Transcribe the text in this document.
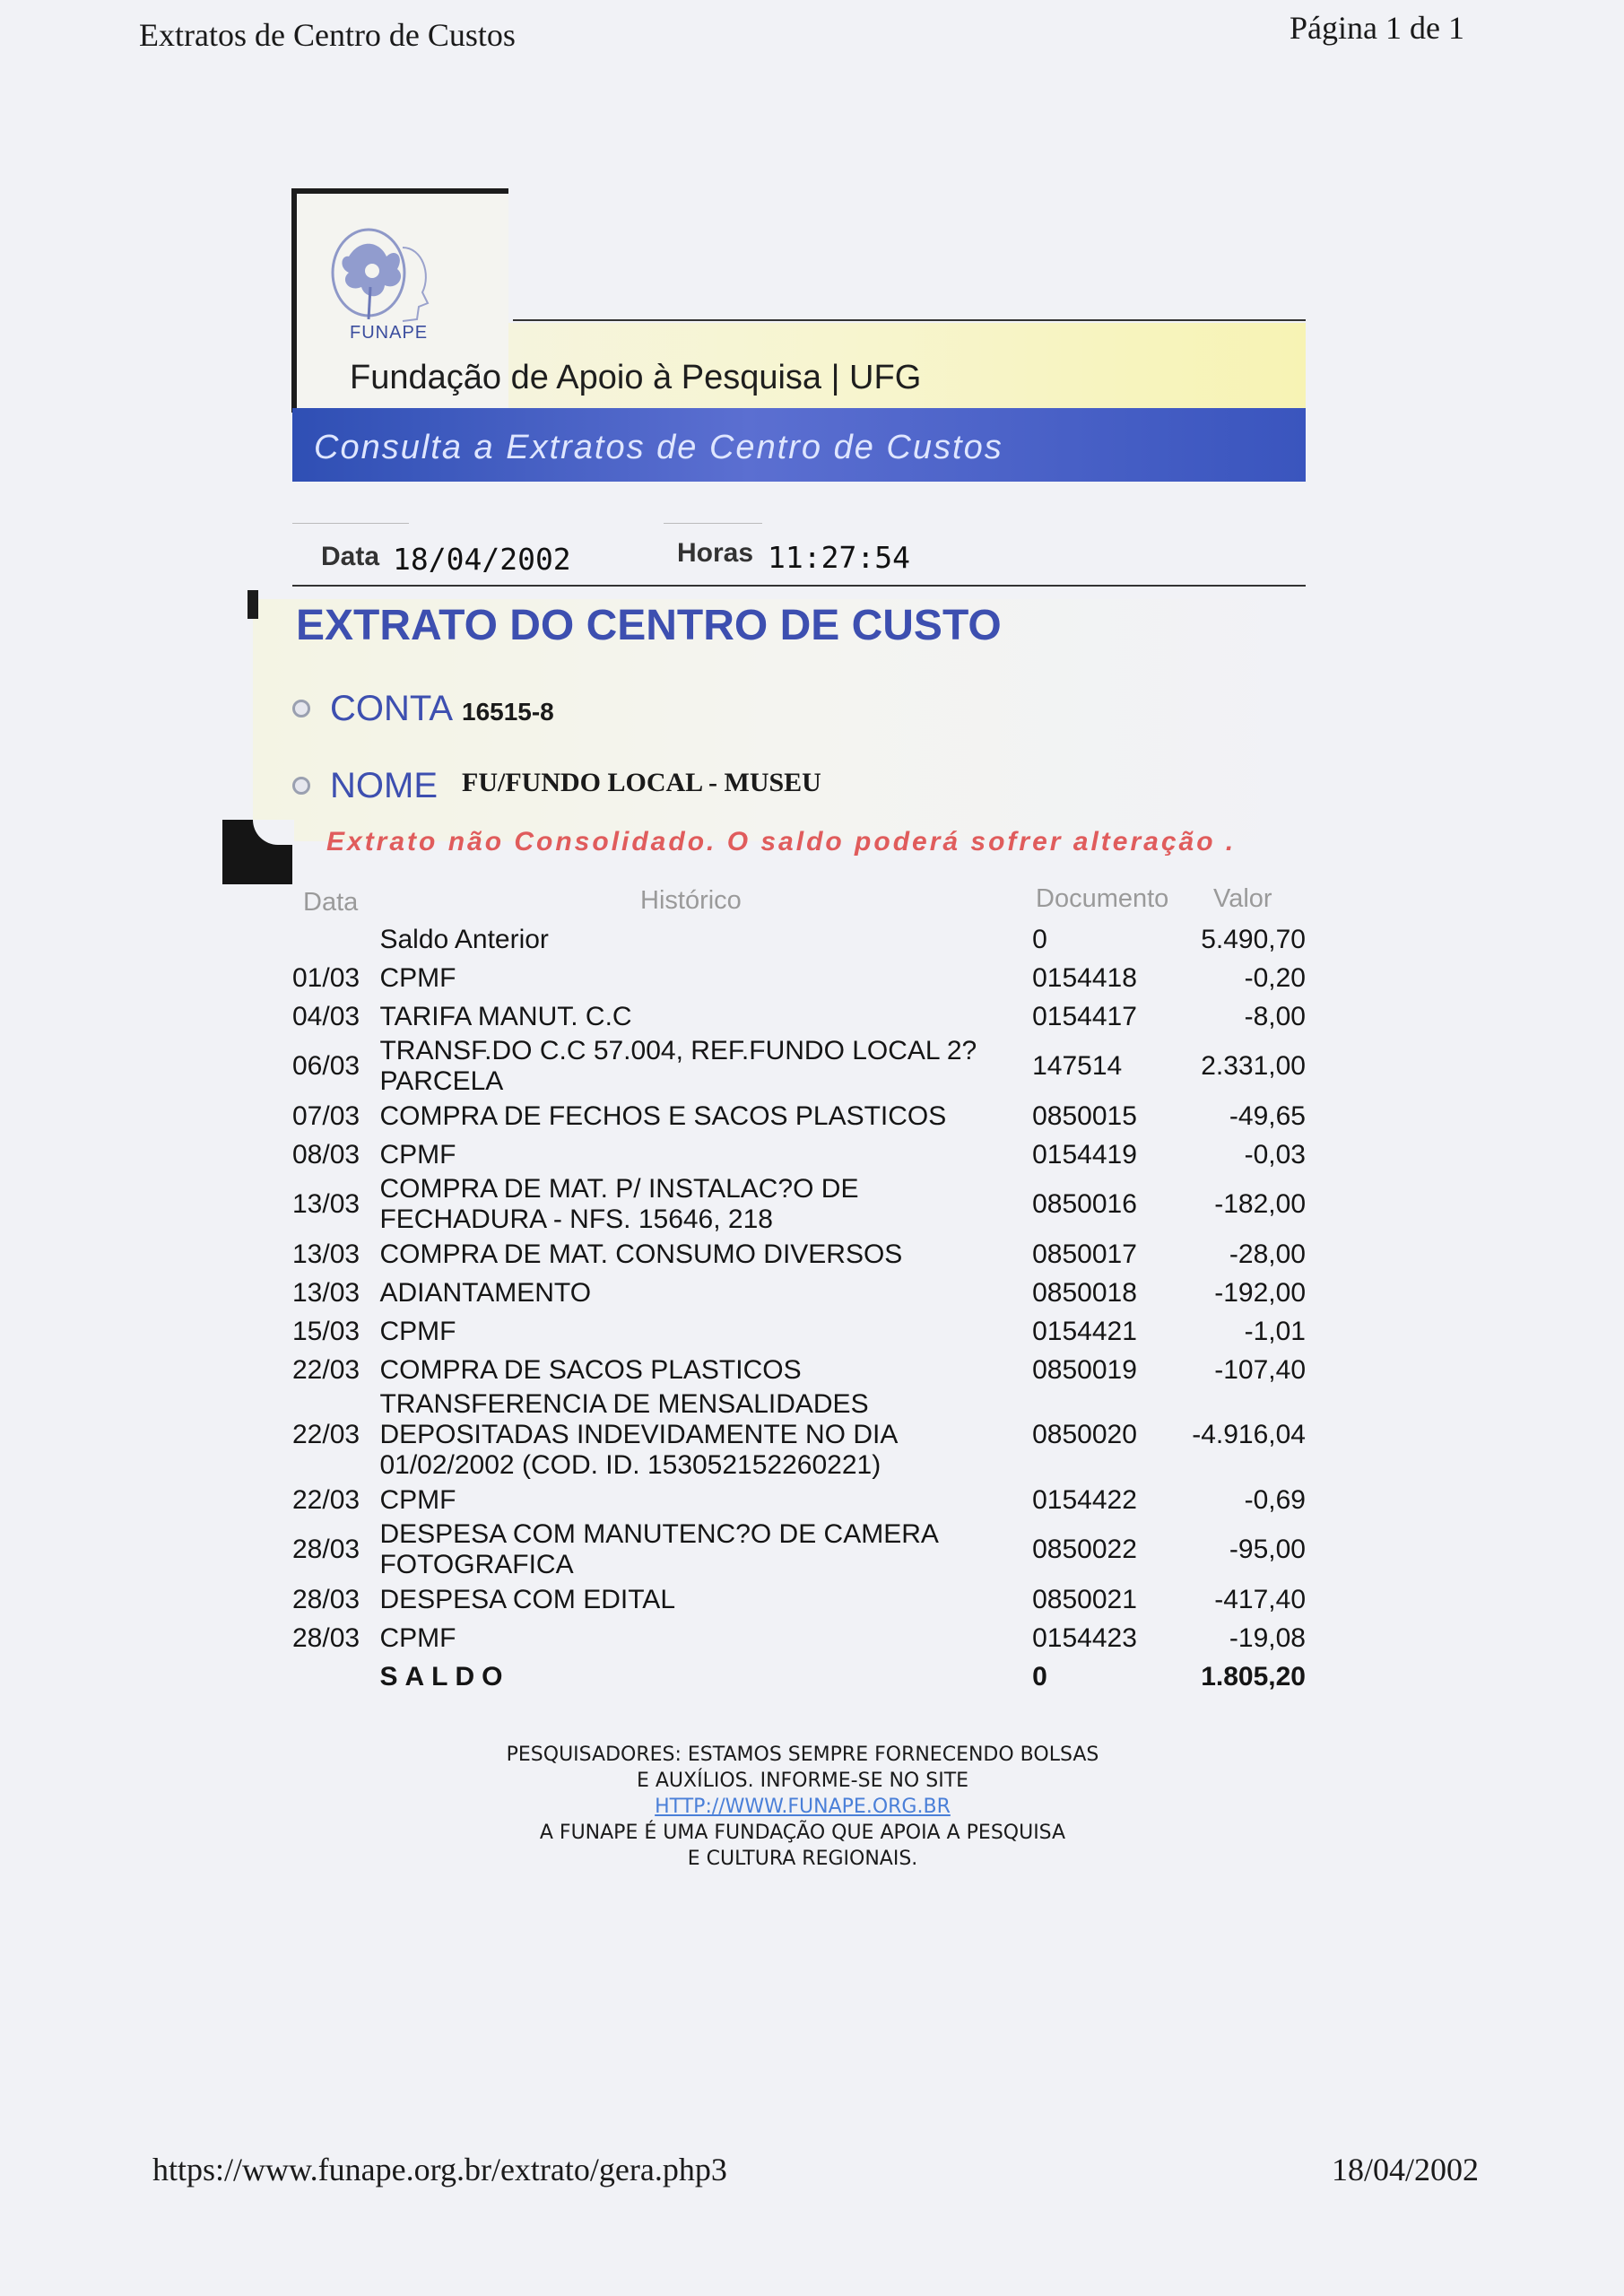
Extratos de Centro de Custos	Página 1 de 1
FUNAPE
Fundação de Apoio à Pesquisa | UFG
Consulta a Extratos de Centro de Custos
Data 18/04/2002	Horas 11:27:54
EXTRATO DO CENTRO DE CUSTO
CONTA 16515-8
NOME FU/FUNDO LOCAL - MUSEU
Extrato não Consolidado. O saldo poderá sofrer alteração .
Data	Histórico	Documento Valor
	Saldo Anterior	0	5.490,70
01/03	CPMF	0154418	-0,20
04/03	TARIFA MANUT. C.C	0154417	-8,00
06/03	TRANSF.DO C.C 57.004, REF.FUNDO LOCAL 2? PARCELA	147514	2.331,00
07/03	COMPRA DE FECHOS E SACOS PLASTICOS	0850015	-49,65
08/03	CPMF	0154419	-0,03
13/03	COMPRA DE MAT. P/ INSTALAC?O DE FECHADURA - NFS. 15646, 218	0850016	-182,00
13/03	COMPRA DE MAT. CONSUMO DIVERSOS	0850017	-28,00
13/03	ADIANTAMENTO	0850018	-192,00
15/03	CPMF	0154421	-1,01
22/03	COMPRA DE SACOS PLASTICOS	0850019	-107,40
22/03	TRANSFERENCIA DE MENSALIDADES DEPOSITADAS INDEVIDAMENTE NO DIA 01/02/2002 (COD. ID. 153052152260221)	0850020	-4.916,04
22/03	CPMF	0154422	-0,69
28/03	DESPESA COM MANUTENC?O DE CAMERA FOTOGRAFICA	0850022	-95,00
28/03	DESPESA COM EDITAL	0850021	-417,40
28/03	CPMF	0154423	-19,08
	SALDO	0	1.805,20
PESQUISADORES: ESTAMOS SEMPRE FORNECENDO BOLSAS
E AUXÍLIOS. INFORME-SE NO SITE
HTTP://WWW.FUNAPE.ORG.BR
A FUNAPE É UMA FUNDAÇÃO QUE APOIA A PESQUISA
E CULTURA REGIONAIS.
https://www.funape.org.br/extrato/gera.php3	18/04/2002
